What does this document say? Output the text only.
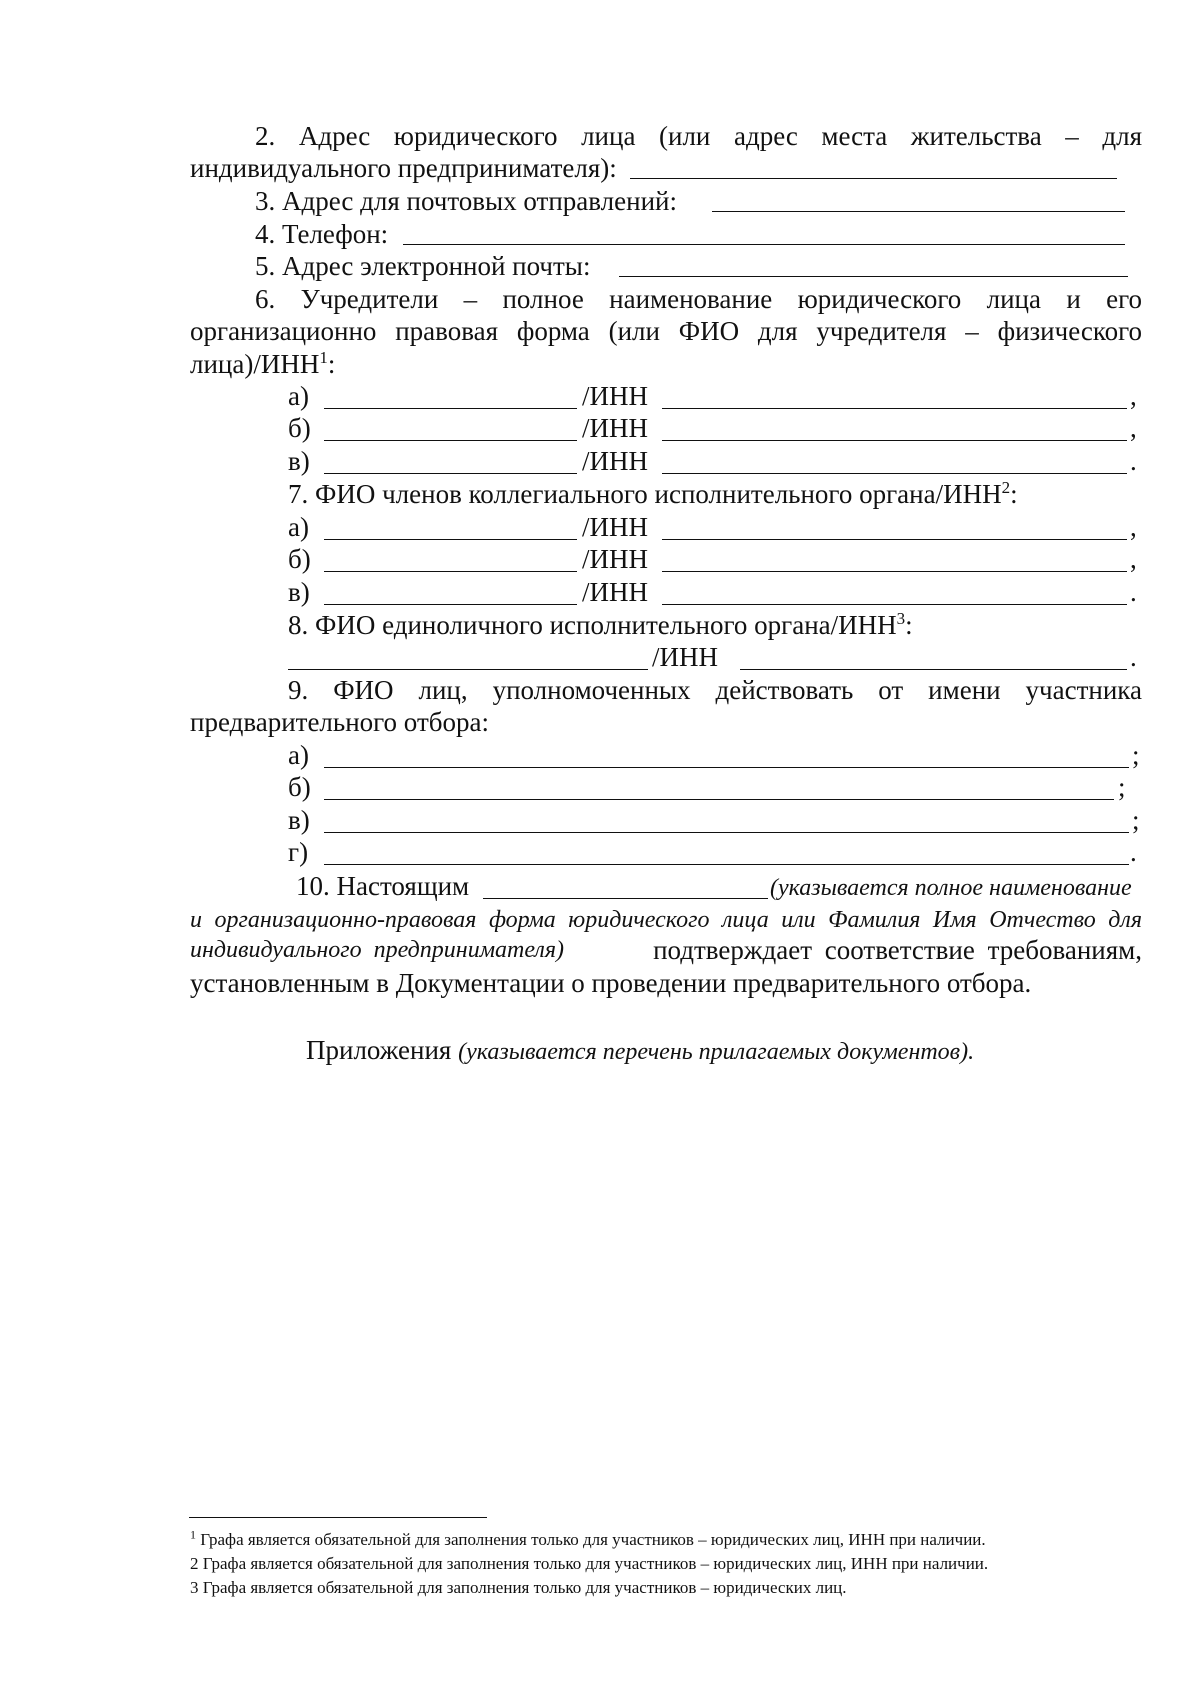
2. Адрес юридического лица (или адрес места жительства – для
индивидуального предпринимателя):
3. Адрес для почтовых отправлений:
4. Телефон:
5. Адрес электронной почты:
6. Учредители – полное наименование юридического лица и его
организационно правовая форма (или ФИО для учредителя – физического
лица)/ИНН$^1$:
а)	/ИНН	,
б)	/ИНН	,
в)	/ИНН	.
7. ФИО членов коллегиального исполнительного органа/ИНН$^2$:
а)	/ИНН	,
б)	/ИНН	,
в)	/ИНН	.
8. ФИО единоличного исполнительного органа/ИНН$^3$:
/ИНН	.
9. ФИО лиц, уполномоченных действовать от имени участника
предварительного отбора:
а)	;
б)	;
в)	;
г)	.
10. Настоящим	(указывается полное наименование
и организационно-правовая форма юридического лица или Фамилия Имя Отчество для
индивидуального предпринимателя)	подтверждает соответствие требованиям,
установленным в Документации о проведении предварительного отбора.
Приложения (указывается перечень прилагаемых документов).
$^1$ Графа является обязательной для заполнения только для участников – юридических лиц, ИНН при наличии.
2 Графа является обязательной для заполнения только для участников – юридических лиц, ИНН при наличии.
3 Графа является обязательной для заполнения только для участников – юридических лиц.
